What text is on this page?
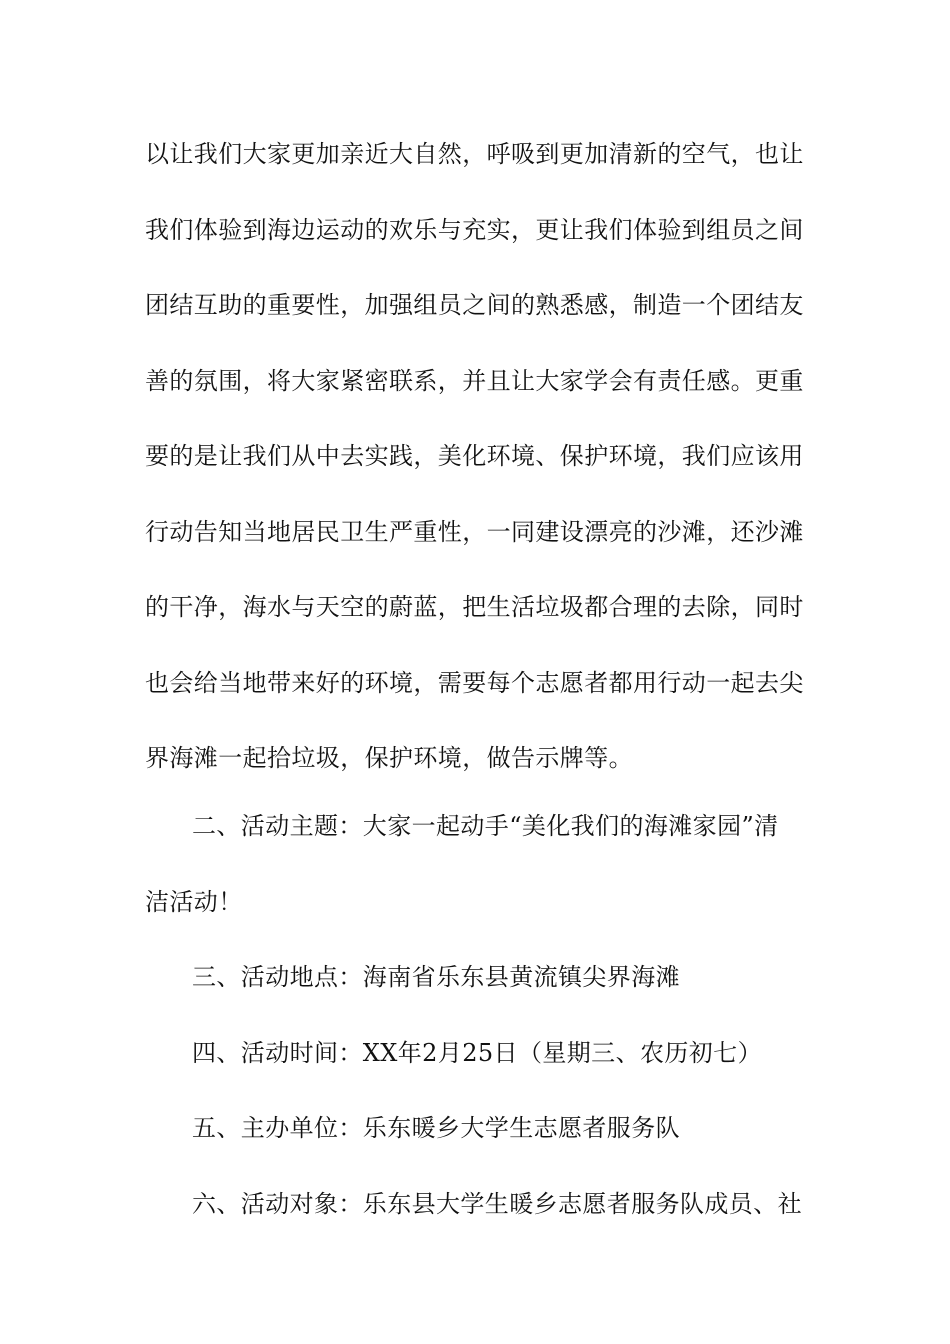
以让我们大家更加亲近大自然，呼吸到更加清新的空气，也让
我们体验到海边运动的欢乐与充实，更让我们体验到组员之间
团结互助的重要性，加强组员之间的熟悉感，制造一个团结友
善的氛围，将大家紧密联系，并且让大家学会有责任感。更重
要的是让我们从中去实践，美化环境、保护环境，我们应该用
行动告知当地居民卫生严重性，一同建设漂亮的沙滩，还沙滩
的干净，海水与天空的蔚蓝，把生活垃圾都合理的去除，同时
也会给当地带来好的环境，需要每个志愿者都用行动一起去尖
界海滩一起拾垃圾，保护环境，做告示牌等。
二、活动主题：大家一起动手“美化我们的海滩家园”清
洁活动！
三、活动地点：海南省乐东县黄流镇尖界海滩
四、活动时间：XX年2月25日（星期三、农历初七）
五、主办单位：乐东暖乡大学生志愿者服务队
六、活动对象：乐东县大学生暖乡志愿者服务队成员、社
